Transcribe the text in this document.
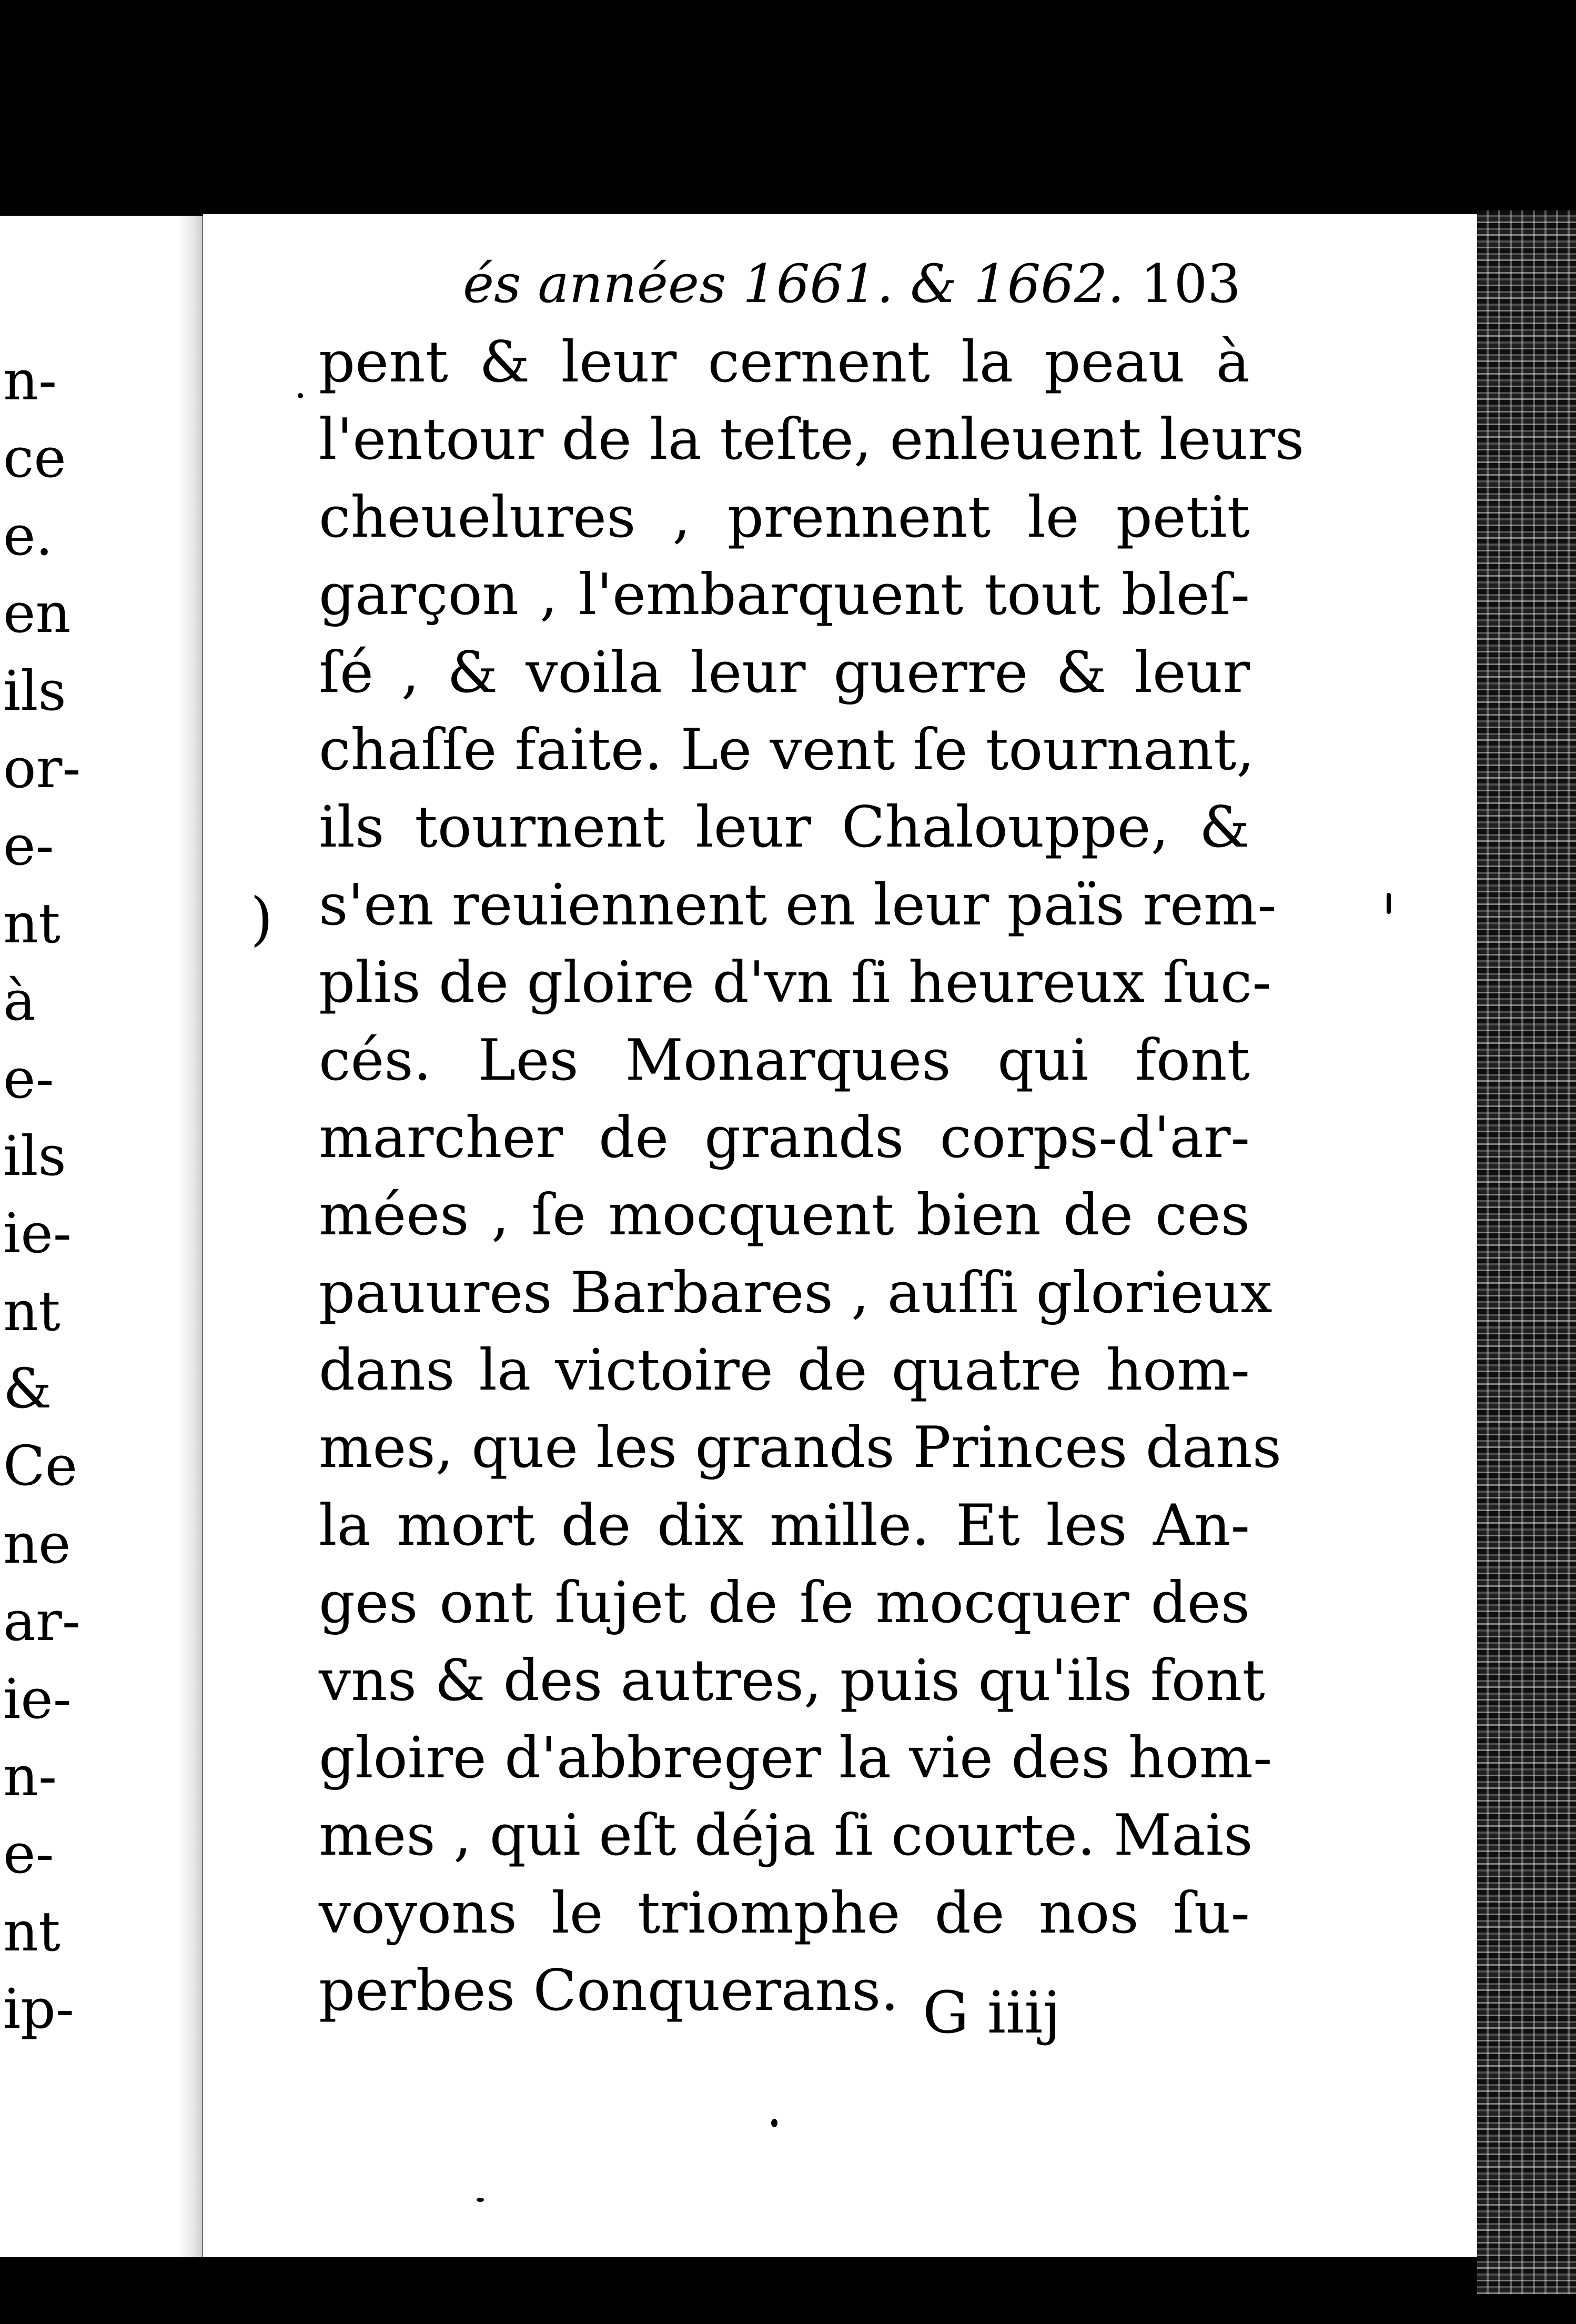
n-
ce
e.
en
ils
or-
e-
nt
à
e-
ils
ie-
nt
&
Ce
ne
ar-
ie-
n-
e-
nt
ip-
)
és années 1661. & 1662. 103
pent & leur cernent la peau à
l'entour de la teſte, enleuent leurs
cheuelures , prennent le petit
garçon , l'embarquent tout bleſ-
ſé , & voila leur guerre & leur
chaſſe faite. Le vent ſe tournant,
ils tournent leur Chalouppe, &
s'en reuiennent en leur païs rem-
plis de gloire d'vn ſi heureux ſuc-
cés. Les Monarques qui font
marcher de grands corps-d'ar-
mées , ſe mocquent bien de ces
pauures Barbares , auſſi glorieux
dans la victoire de quatre hom-
mes, que les grands Princes dans
la mort de dix mille. Et les An-
ges ont ſujet de ſe mocquer des
vns & des autres, puis qu'ils font
gloire d'abbreger la vie des hom-
mes , qui eſt déja ſi courte. Mais
voyons le triomphe de nos ſu-
perbes Conquerans. G iiij
